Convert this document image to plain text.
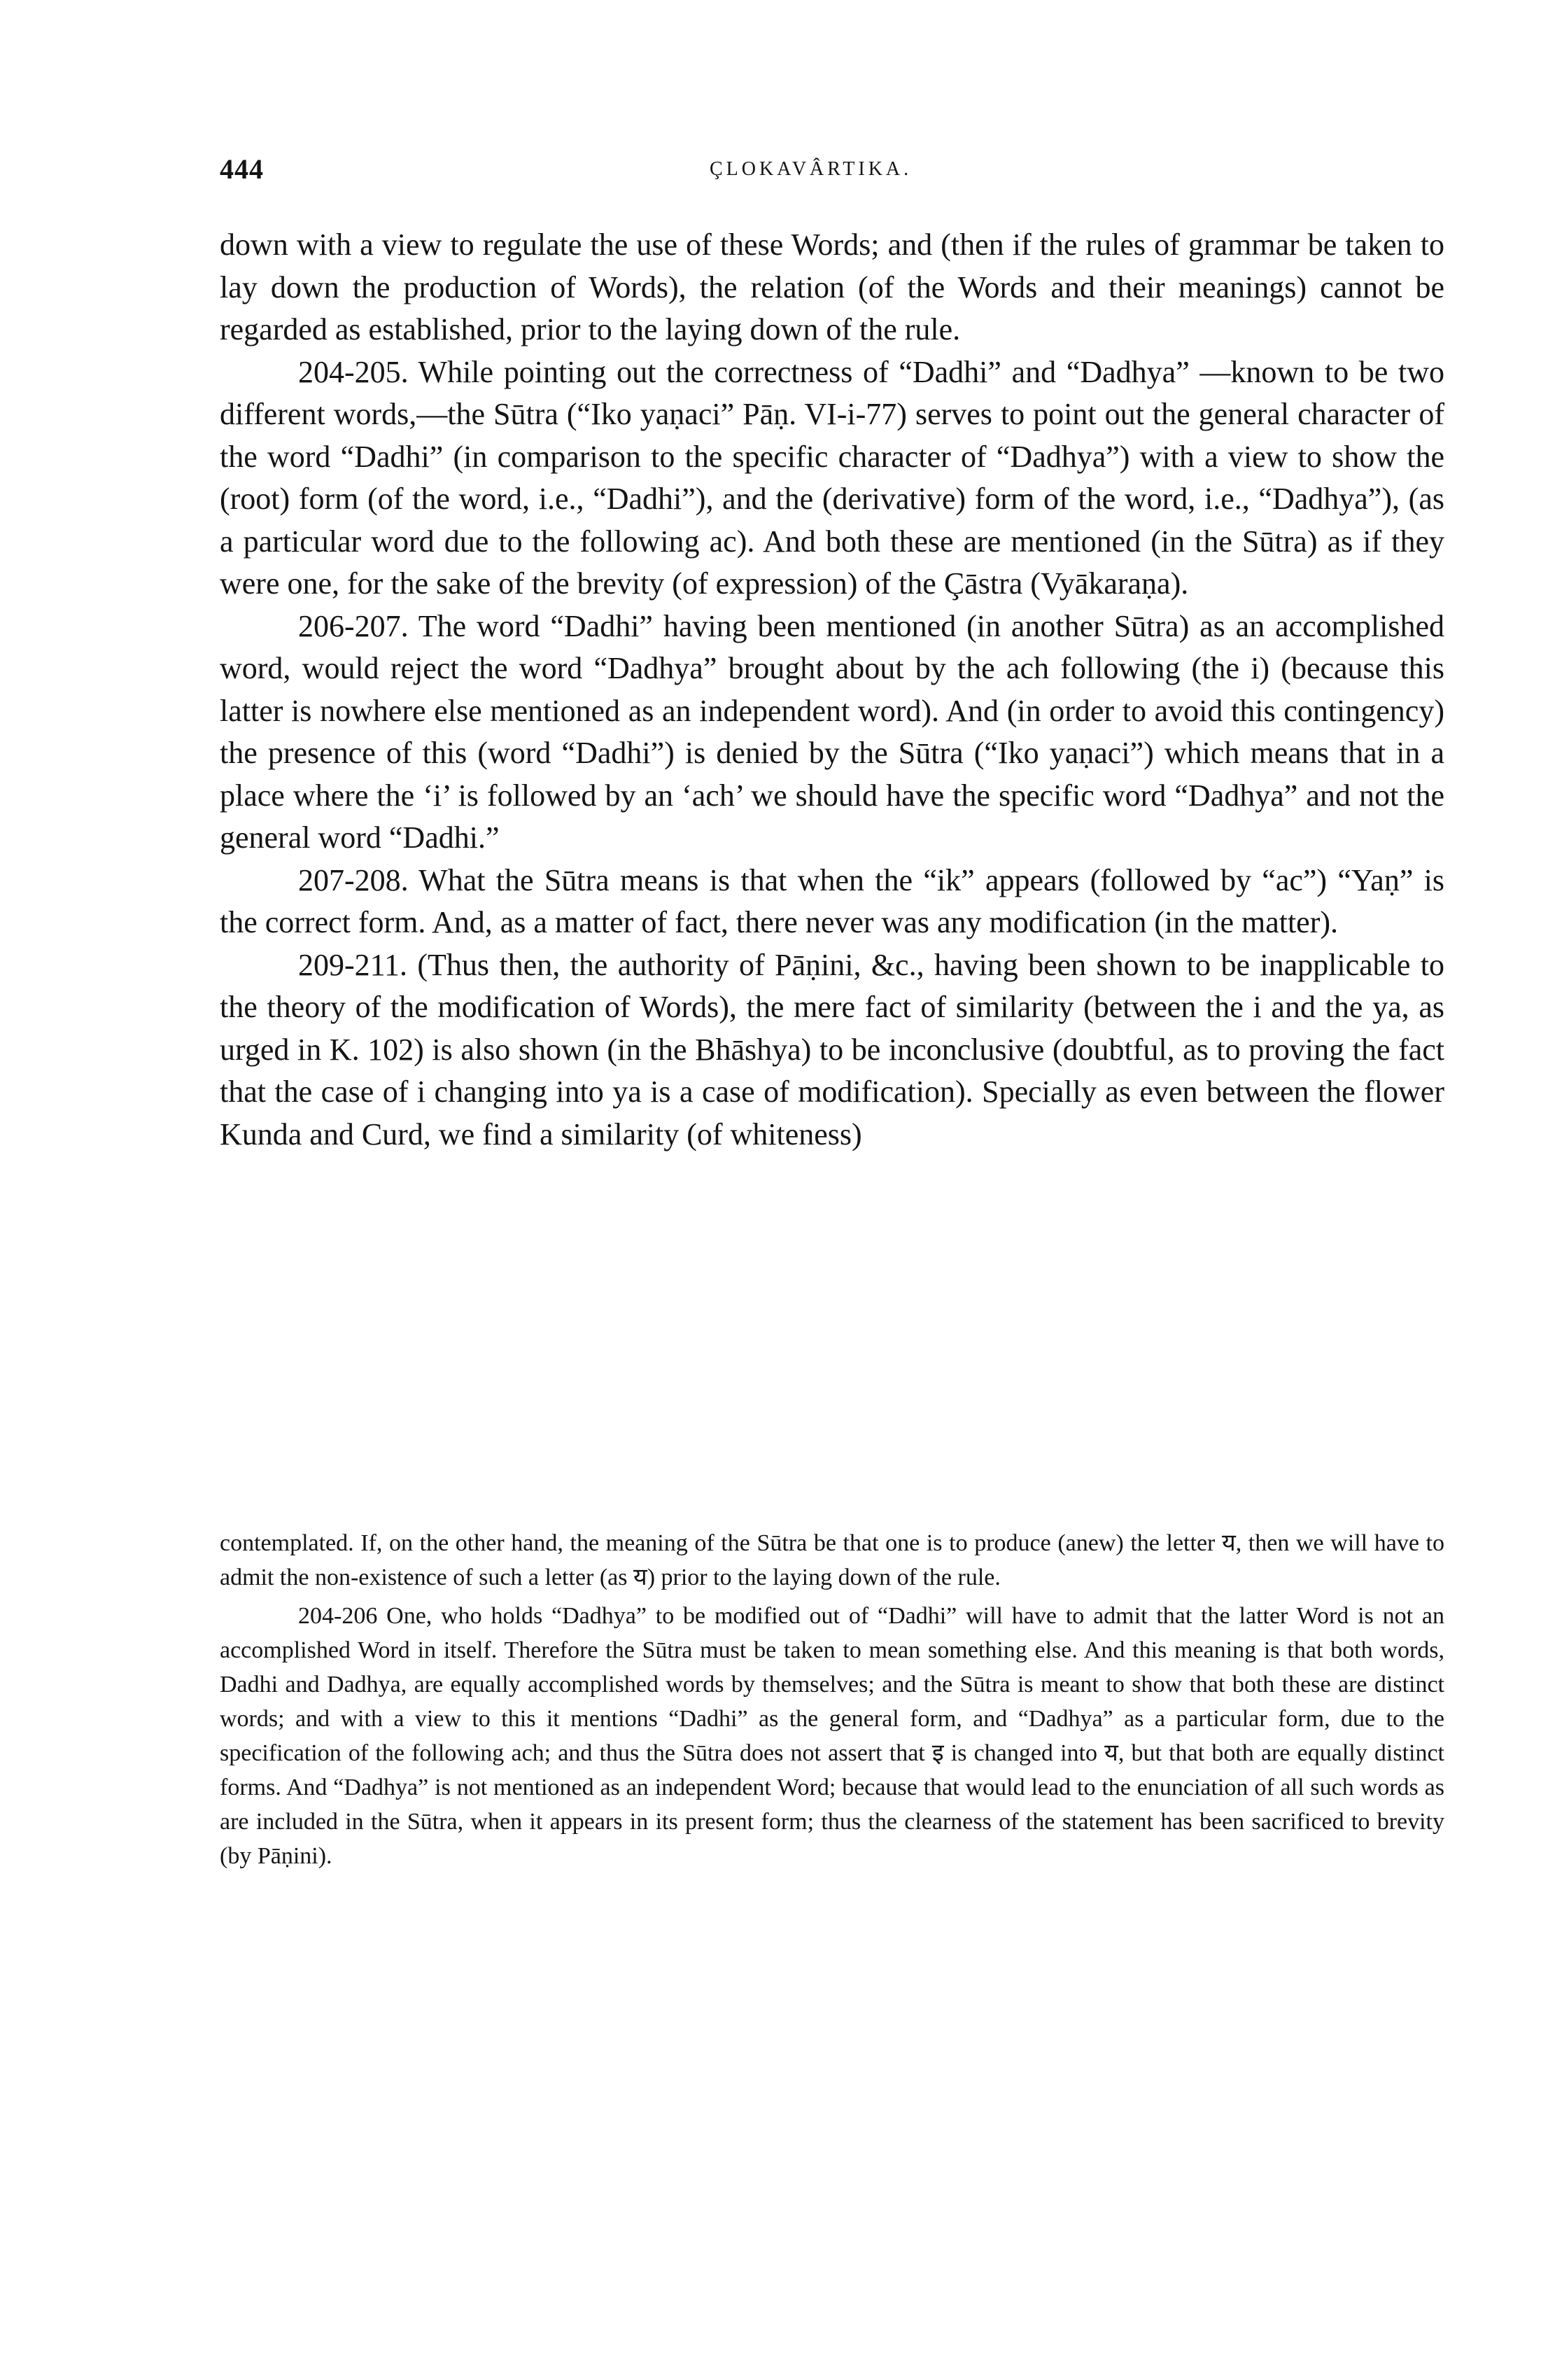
444	ÇLOKAVÂRTIKA.

down with a view to regulate the use of these Words; and (then if the rules of grammar be taken to lay down the production of Words), the relation (of the Words and their meanings) cannot be regarded as established, prior to the laying down of the rule.

204-205. While pointing out the correctness of “Dadhi” and “Dadhya” —known to be two different words,—the Sūtra (“Iko yaṇaci” Pāṇ. VI-i-77) serves to point out the general character of the word “Dadhi” (in comparison to the specific character of “Dadhya”) with a view to show the (root) form (of the word, i.e., “Dadhi”), and the (derivative) form of the word, i.e., “Dadhya”), (as a particular word due to the following ac). And both these are mentioned (in the Sūtra) as if they were one, for the sake of the brevity (of expression) of the Çāstra (Vyākaraṇa).

206-207. The word “Dadhi” having been mentioned (in another Sūtra) as an accomplished word, would reject the word “Dadhya” brought about by the ach following (the i) (because this latter is nowhere else mentioned as an independent word). And (in order to avoid this contingency) the presence of this (word “Dadhi”) is denied by the Sūtra (“Iko yaṇaci”) which means that in a place where the ‘i’ is followed by an ‘ach’ we should have the specific word “Dadhya” and not the general word “Dadhi.”

207-208. What the Sūtra means is that when the “ik” appears (followed by “ac”) “Yaṇ” is the correct form. And, as a matter of fact, there never was any modification (in the matter).

209-211. (Thus then, the authority of Pāṇini, &c., having been shown to be inapplicable to the theory of the modification of Words), the mere fact of similarity (between the i and the ya, as urged in K. 102) is also shown (in the Bhāshya) to be inconclusive (doubtful, as to proving the fact that the case of i changing into ya is a case of modification). Specially as even between the flower Kunda and Curd, we find a similarity (of whiteness)

contemplated. If, on the other hand, the meaning of the Sūtra be that one is to produce (anew) the letter य, then we will have to admit the non-existence of such a letter (as य) prior to the laying down of the rule.

204-206 One, who holds “Dadhya” to be modified out of “Dadhi” will have to admit that the latter Word is not an accomplished Word in itself. Therefore the Sūtra must be taken to mean something else. And this meaning is that both words, Dadhi and Dadhya, are equally accomplished words by themselves; and the Sūtra is meant to show that both these are distinct words; and with a view to this it mentions “Dadhi” as the general form, and “Dadhya” as a particular form, due to the specification of the following ach; and thus the Sūtra does not assert that इ is changed into य, but that both are equally distinct forms. And “Dadhya” is not mentioned as an independent Word; because that would lead to the enunciation of all such words as are included in the Sūtra, when it appears in its present form; thus the clearness of the statement has been sacrificed to brevity (by Pāṇini).
